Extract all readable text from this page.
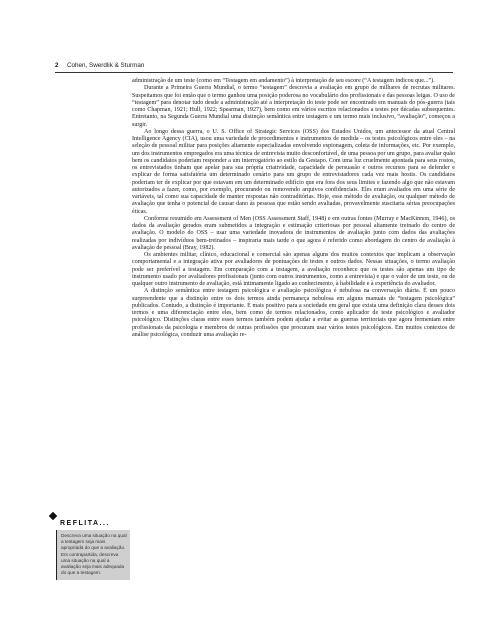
2 Cohen, Swerdlik & Sturman

administração de um teste (como em “Testagem em andamento”) à interpretação de seu escore (“A testagem indicou que...”).

Durante a Primeira Guerra Mundial, o termo “testagem” descrevia a avaliação em grupo de milhares de recrutas militares. Suspeitamos que foi então que o termo ganhou uma posição poderosa no vocabulário dos profissionais e das pessoas leigas. O uso de “testagem” para denotar tudo desde a administração até a interpretação do teste pode ser encontrado em manuais do pós-guerra (tais como Chapman, 1921; Hull, 1922; Spearman, 1927), bem como em vários escritos relacionados a testes por décadas subsequentes. Entretanto, na Segunda Guerra Mundial uma distinção semântica entre testagem e um termo mais inclusivo, “avaliação”, começou a surgir.

Ao longo dessa guerra, o U. S. Office of Strategic Services (OSS) dos Estados Unidos, um antecessor da atual Central Intelligence Agency (CIA), usou uma variedade de procedimentos e instrumentos de medida – os testes psicológicos entre eles – na seleção de pessoal militar para posições altamente especializadas envolvendo espionagem, coleta de informações, etc. Por exemplo, um dos instrumentos empregados era uma técnica de entrevista muito desconfortável, de uma pessoa por um grupo, para avaliar quão bem os candidatos poderiam responder a um interrogatório ao estilo da Gestapo. Com uma luz cruelmente apontada para seus rostos, os entrevistados tinham que apelar para sua própria criatividade, capacidade de persuasão e outros recursos para se defender e explicar de forma satisfatória um determinado cenário para um grupo de entrevistadores cada vez mais hostis. Os candidatos poderiam ter de explicar por que estavam em um determinado edifício que era fora dos seus limites e fazendo algo que não estavam autorizados a fazer, como, por exemplo, procurando ou removendo arquivos confidenciais. Eles eram avaliados em uma série de variáveis, tal como sua capacidade de manter respostas não contraditórias. Hoje, esse método de avaliação, ou qualquer método de avaliação que tenha o potencial de causar dano às pessoas que estão sendo avaliadas, provavelmente suscitaria sérias preocupações éticas.

Conforme resumido em Assessment of Men (OSS Assessment Staff, 1948) e em outras fontes (Murray e MacKinnon, 1946), os dados da avaliação gerados eram submetidos a integração e estimação criteriosas por pessoal altamente treinado do centro de avaliação. O modelo do OSS – usar uma variedade inovadora de instrumentos de avaliação junto com dados das avaliações realizadas por indivíduos bem-treinados – inspiraria mais tarde o que agora é referido como abordagem do centro de avaliação à avaliação de pessoal (Bray, 1982).

Os ambientes militar, clínico, educacional e comercial são apenas alguns dos muitos contextos que implicam a observação comportamental e a integração ativa por avaliadores de pontuações de testes e outros dados. Nessas situações, o termo avaliação pode ser preferível a testagem. Em comparação com a testagem, a avaliação reconhece que os testes são apenas um tipo de instrumento usado por avaliadores profissionais (junto com outros instrumentos, como a entrevista) e que o valor de um teste, ou de qualquer outro instrumento de avaliação, está intimamente ligado ao conhecimento, à habilidade e à experiência do avaliador.

A distinção semântica entre testagem psicológica e avaliação psicológica é nebulosa na conversação diária. É um pouco surpreendente que a distinção entre os dois termos ainda permaneça nebulosa em alguns manuais de “testagem psicológica” publicados. Contudo, a distinção é importante. É mais positivo para a sociedade em geral que exista uma definição clara desses dois termos e uma diferenciação entre eles, bem como de termos relacionados, como aplicador de teste psicológico e avaliador psicológico. Distinções claras entre esses termos também podem ajudar a evitar as guerras territoriais que agora fermentam entre profissionais da psicologia e membros de outras profissões que procuram usar vários testes psicológicos. Em muitos contextos de análise psicológica, conduzir uma avaliação re-

REFLITA...
Descreva uma situação na qual a testagem seja mais apropriada do que a avaliação. Em contrapartida, descreva uma situação na qual a avaliação seja mais adequada do que a testagem.
